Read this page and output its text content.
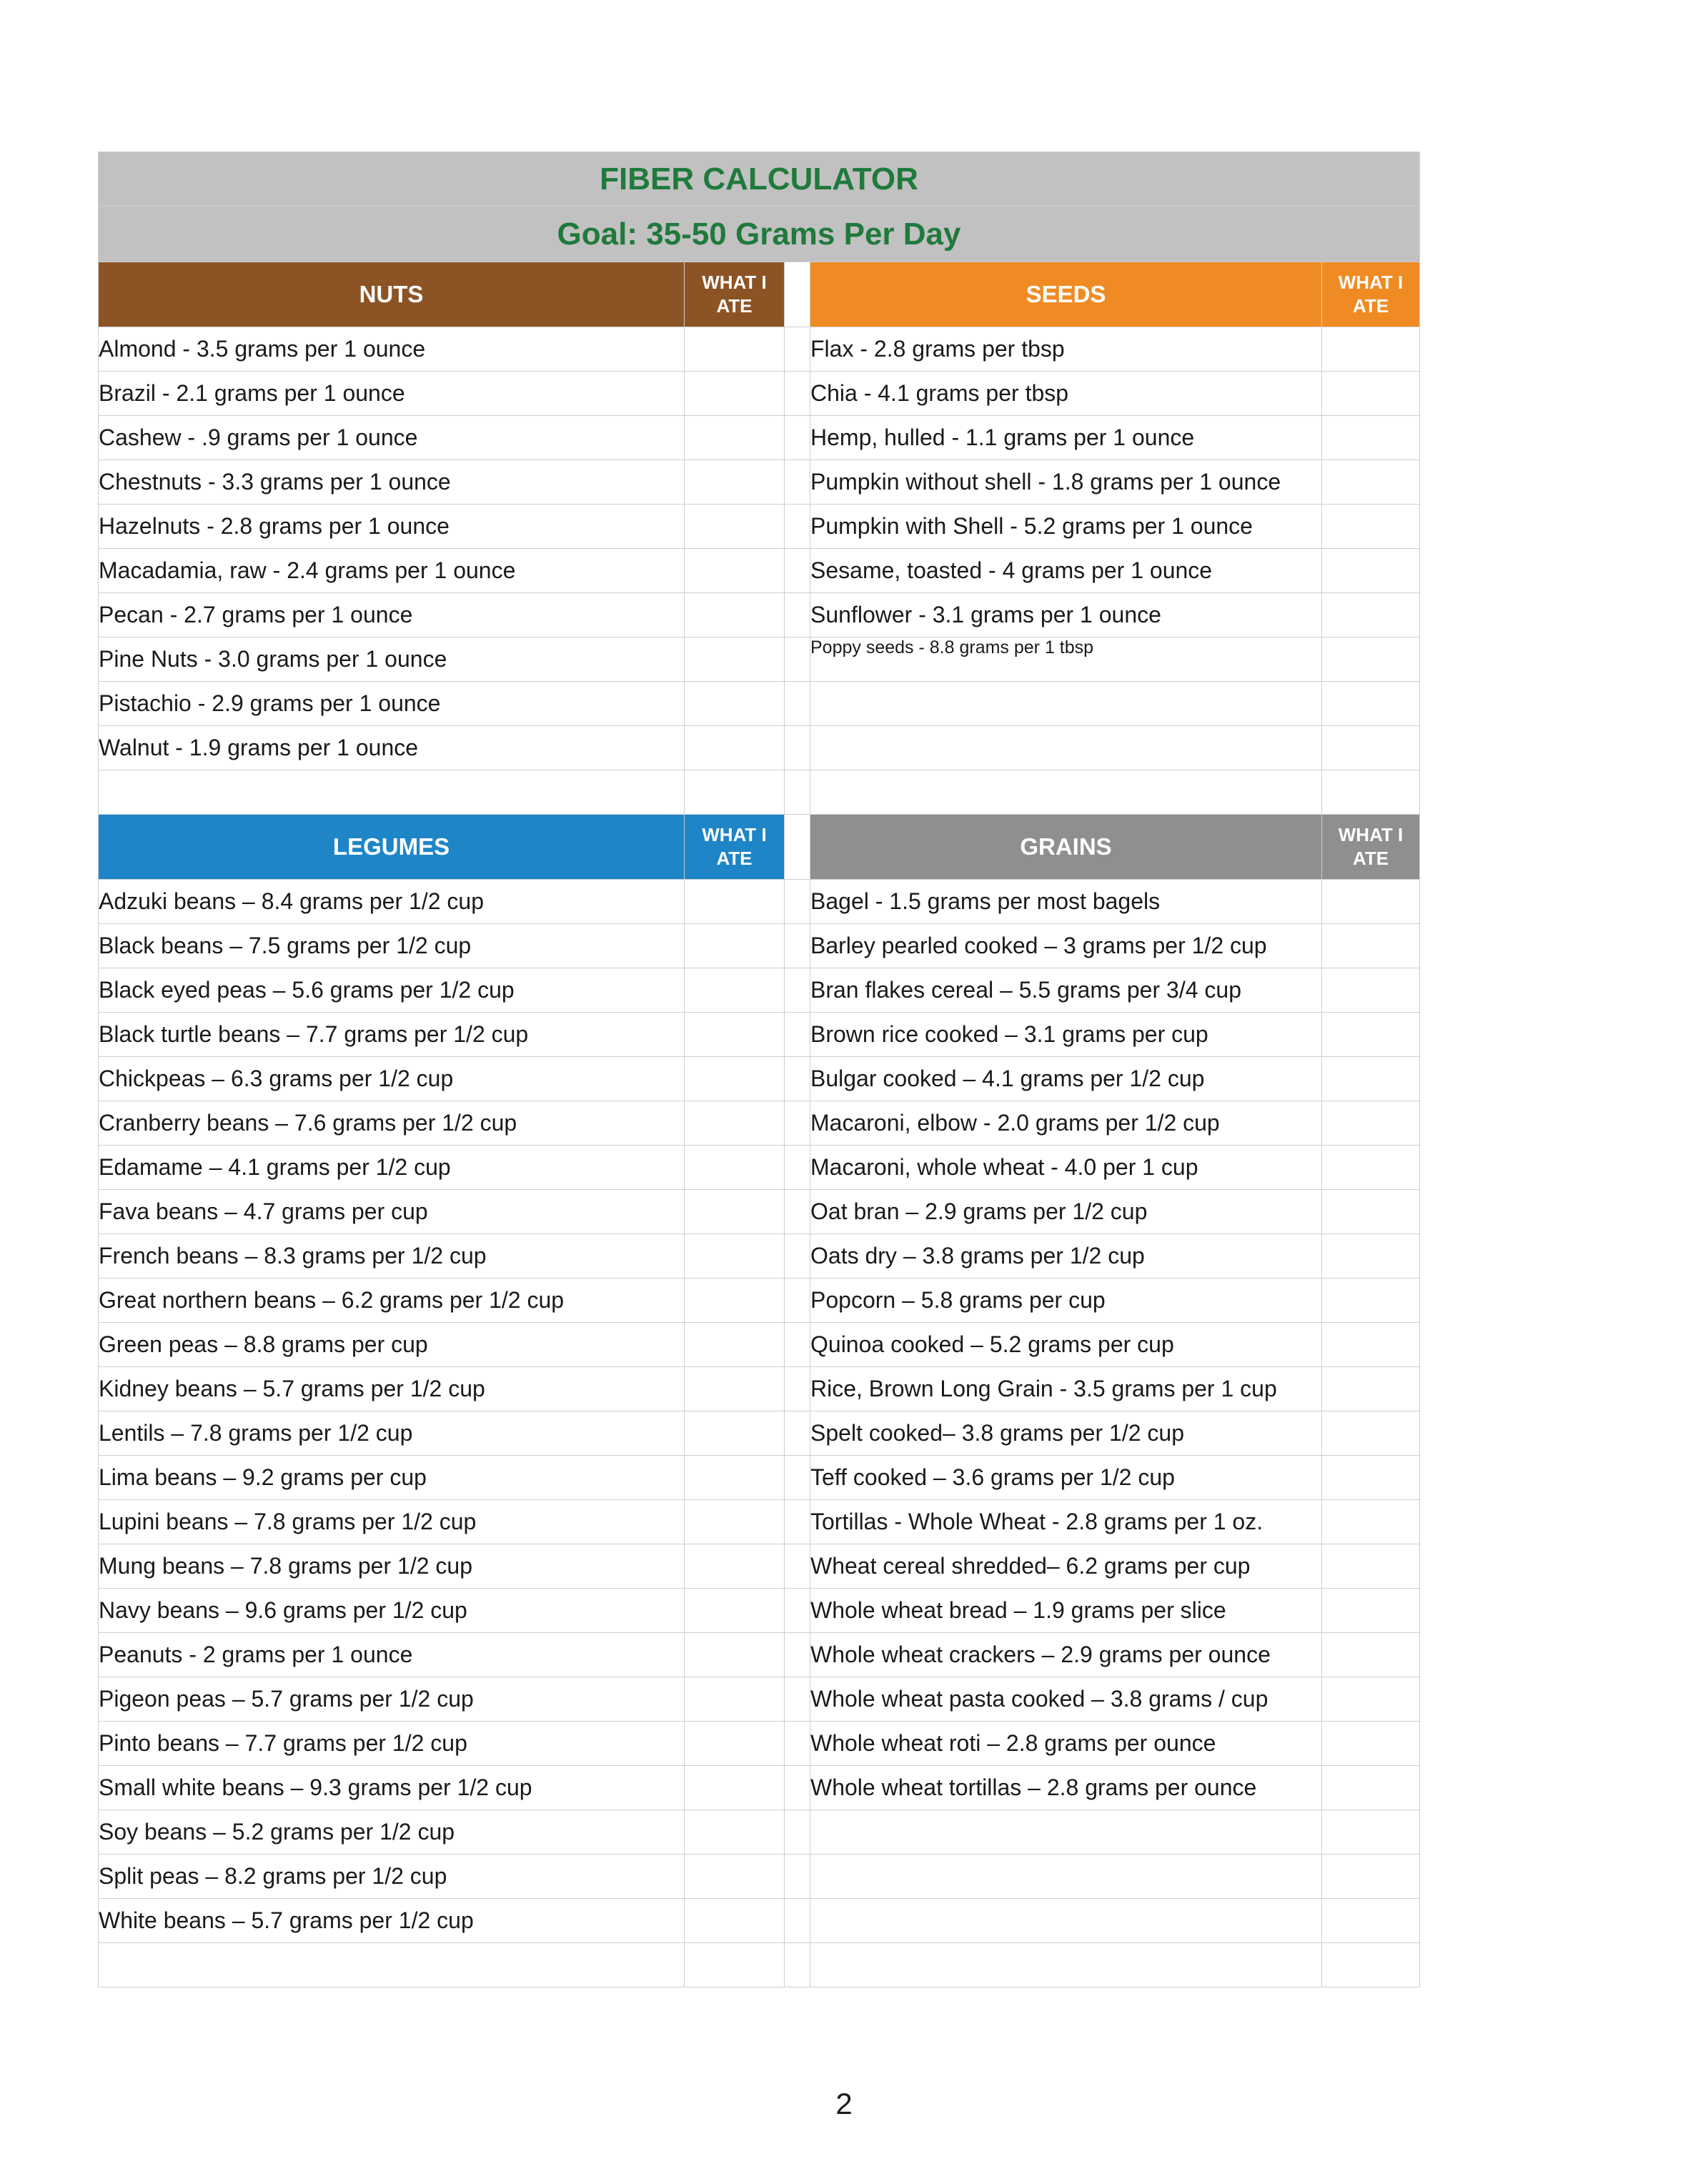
FIBER CALCULATOR				
Goal: 35-50 Grams Per Day				
NUTS	WHAT I ATE		SEEDS	WHAT I ATE
Almond - 3.5 grams per 1 ounce			Flax - 2.8 grams per tbsp	
Brazil - 2.1 grams per 1 ounce			Chia - 4.1 grams per tbsp	
Cashew - .9 grams per 1 ounce			Hemp, hulled - 1.1 grams per 1 ounce	
Chestnuts - 3.3 grams per 1 ounce			Pumpkin without shell - 1.8 grams per 1 ounce	
Hazelnuts - 2.8 grams per 1 ounce			Pumpkin with Shell - 5.2 grams per 1 ounce	
Macadamia, raw - 2.4 grams per 1 ounce			Sesame, toasted - 4 grams per 1 ounce	
Pecan - 2.7 grams per 1 ounce			Sunflower - 3.1 grams per 1 ounce	
Pine Nuts - 3.0 grams per 1 ounce			Poppy seeds - 8.8 grams per 1 tbsp	
Pistachio - 2.9 grams per 1 ounce				
Walnut - 1.9 grams per 1 ounce				

LEGUMES	WHAT I ATE		GRAINS	WHAT I ATE
Adzuki beans – 8.4 grams per 1/2 cup			Bagel - 1.5 grams per most bagels	
Black beans – 7.5 grams per 1/2 cup			Barley pearled cooked – 3 grams per 1/2 cup	
Black eyed peas – 5.6 grams per 1/2 cup			Bran flakes cereal – 5.5 grams per 3/4 cup	
Black turtle beans – 7.7 grams per 1/2 cup			Brown rice cooked – 3.1 grams per cup	
Chickpeas – 6.3 grams per 1/2 cup			Bulgar cooked – 4.1 grams per 1/2 cup	
Cranberry beans – 7.6 grams per 1/2 cup			Macaroni, elbow - 2.0 grams per 1/2 cup	
Edamame – 4.1 grams per 1/2 cup			Macaroni, whole wheat - 4.0 per 1 cup	
Fava beans – 4.7 grams per cup			Oat bran – 2.9 grams per 1/2 cup	
French beans – 8.3 grams per 1/2 cup			Oats dry – 3.8 grams per 1/2 cup	
Great northern beans – 6.2 grams per 1/2 cup			Popcorn – 5.8 grams per cup	
Green peas – 8.8 grams per cup			Quinoa cooked – 5.2 grams per cup	
Kidney beans – 5.7 grams per 1/2 cup			Rice, Brown Long Grain - 3.5 grams per 1 cup	
Lentils – 7.8 grams per 1/2 cup			Spelt cooked– 3.8 grams per 1/2 cup	
Lima beans – 9.2 grams per cup			Teff cooked – 3.6 grams per 1/2 cup	
Lupini beans – 7.8 grams per 1/2 cup			Tortillas - Whole Wheat - 2.8 grams per 1 oz.	
Mung beans – 7.8 grams per 1/2 cup			Wheat cereal shredded– 6.2 grams per cup	
Navy beans – 9.6 grams per 1/2 cup			Whole wheat bread – 1.9 grams per slice	
Peanuts - 2 grams per 1 ounce			Whole wheat crackers – 2.9 grams per ounce	
Pigeon peas – 5.7 grams per 1/2 cup			Whole wheat pasta cooked – 3.8 grams / cup	
Pinto beans – 7.7 grams per 1/2 cup			Whole wheat roti – 2.8 grams per ounce	
Small white beans – 9.3 grams per 1/2 cup			Whole wheat tortillas – 2.8 grams per ounce	
Soy beans – 5.2 grams per 1/2 cup				
Split peas – 8.2 grams per 1/2 cup				
White beans – 5.7 grams per 1/2 cup				

2
